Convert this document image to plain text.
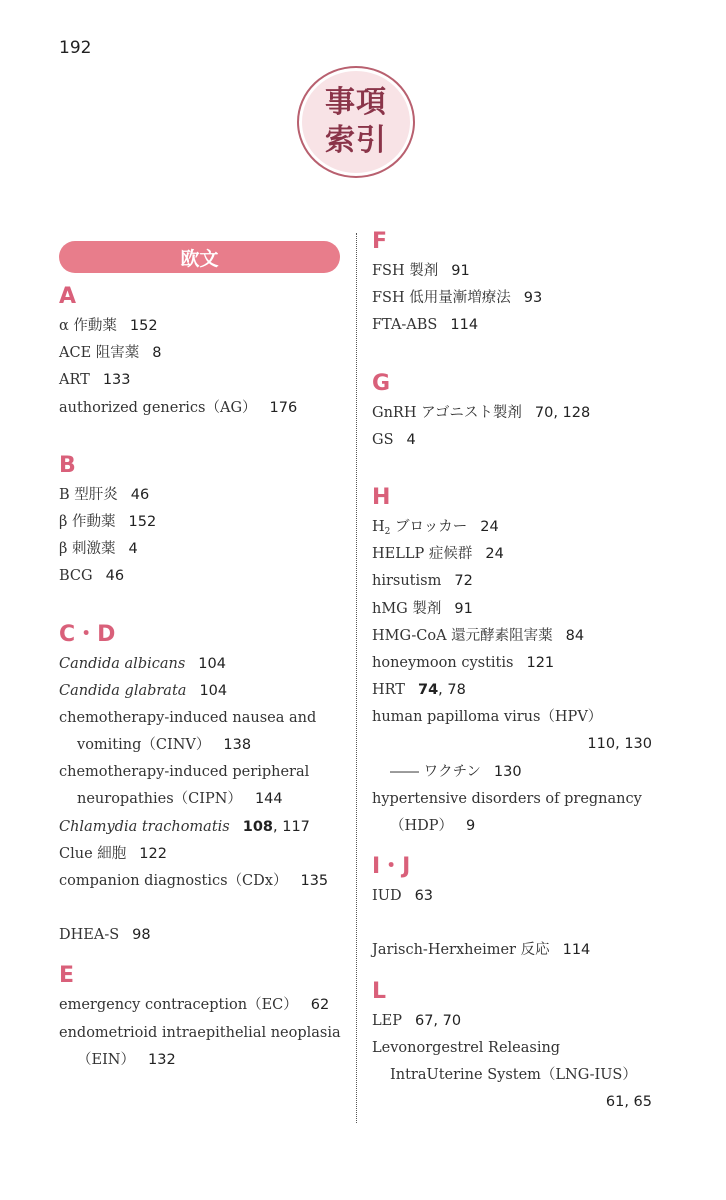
192
事項
索引
欧文
A
α 作動薬 152
ACE 阻害薬 8
ART 133
authorized generics（AG） 176
B
B 型肝炎 46
β 作動薬 152
β 刺激薬 4
BCG 46
C・D
Candida albicans 104
Candida glabrata 104
chemotherapy-induced nausea and
vomiting（CINV） 138
chemotherapy-induced peripheral
neuropathies（CIPN） 144
Chlamydia trachomatis 108, 117
Clue 細胞 122
companion diagnostics（CDx） 135
DHEA-S 98
E
emergency contraception（EC） 62
endometrioid intraepithelial neoplasia
（EIN） 132
F
FSH 製剤 91
FSH 低用量漸増療法 93
FTA-ABS 114
G
GnRH アゴニスト製剤 70, 128
GS 4
H
$H_2$ ブロッカー 24
HELLP 症候群 24
hirsutism 72
hMG 製剤 91
HMG-CoA 還元酵素阻害薬 84
honeymoon cystitis 121
HRT 74, 78
human papilloma virus（HPV）
110, 130
―― ワクチン 130
hypertensive disorders of pregnancy
（HDP） 9
I・J
IUD 63
Jarisch-Herxheimer 反応 114
L
LEP 67, 70
Levonorgestrel Releasing
IntraUterine System（LNG-IUS）
61, 65
